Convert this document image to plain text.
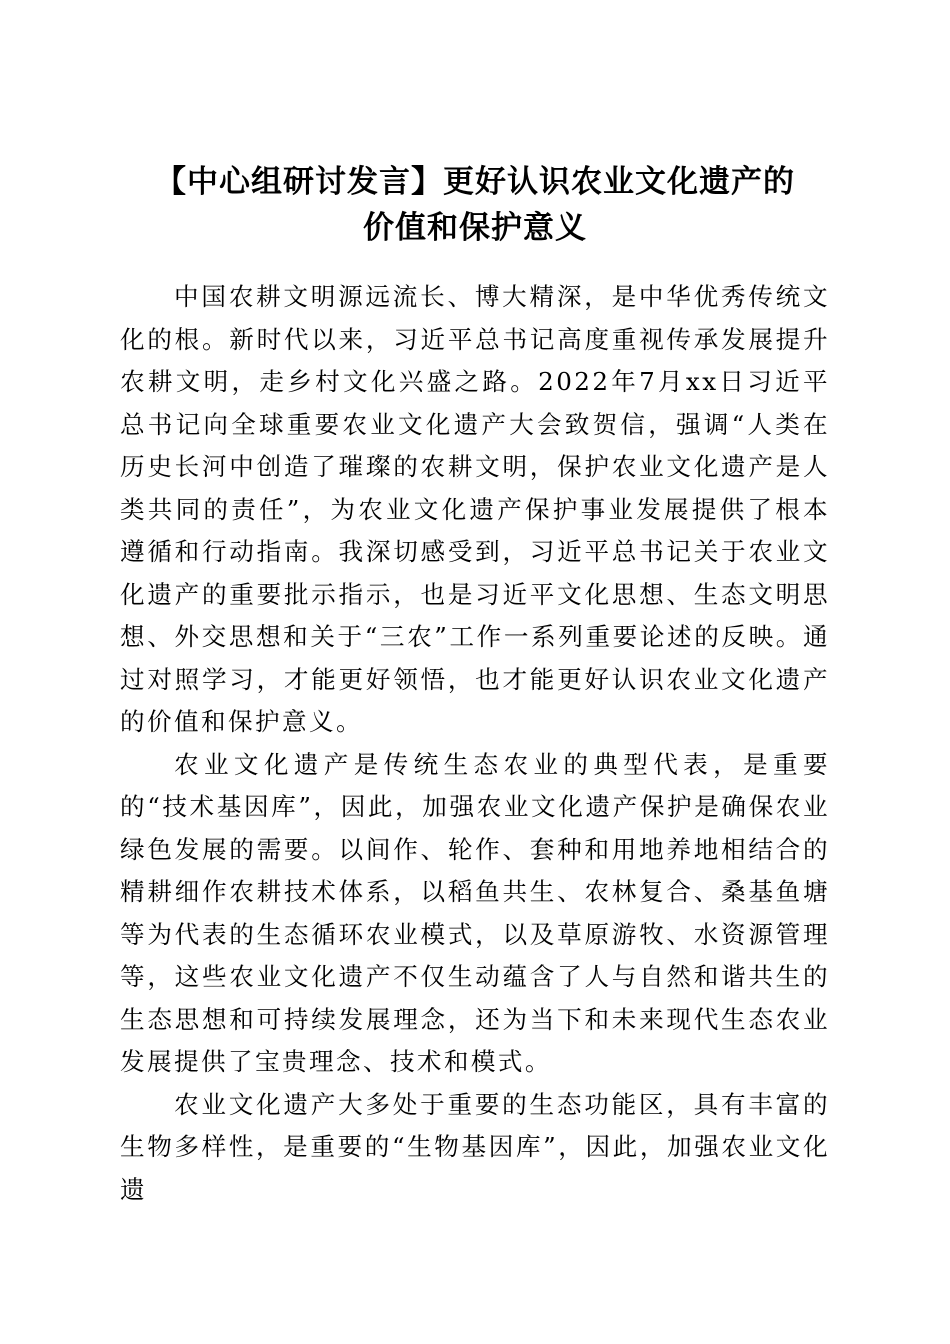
【中心组研讨发言】更好认识农业文化遗产的
价值和保护意义

中国农耕文明源远流长、博大精深，是中华优秀传统文化的根。新时代以来，习近平总书记高度重视传承发展提升农耕文明，走乡村文化兴盛之路。2022年7月xx日习近平总书记向全球重要农业文化遗产大会致贺信，强调“人类在历史长河中创造了璀璨的农耕文明，保护农业文化遗产是人类共同的责任”，为农业文化遗产保护事业发展提供了根本遵循和行动指南。我深切感受到，习近平总书记关于农业文化遗产的重要批示指示，也是习近平文化思想、生态文明思想、外交思想和关于“三农”工作一系列重要论述的反映。通过对照学习，才能更好领悟，也才能更好认识农业文化遗产的价值和保护意义。

农业文化遗产是传统生态农业的典型代表，是重要的“技术基因库”，因此，加强农业文化遗产保护是确保农业绿色发展的需要。以间作、轮作、套种和用地养地相结合的精耕细作农耕技术体系，以稻鱼共生、农林复合、桑基鱼塘等为代表的生态循环农业模式，以及草原游牧、水资源管理等，这些农业文化遗产不仅生动蕴含了人与自然和谐共生的生态思想和可持续发展理念，还为当下和未来现代生态农业发展提供了宝贵理念、技术和模式。

农业文化遗产大多处于重要的生态功能区，具有丰富的生物多样性，是重要的“生物基因库”，因此，加强农业文化遗
